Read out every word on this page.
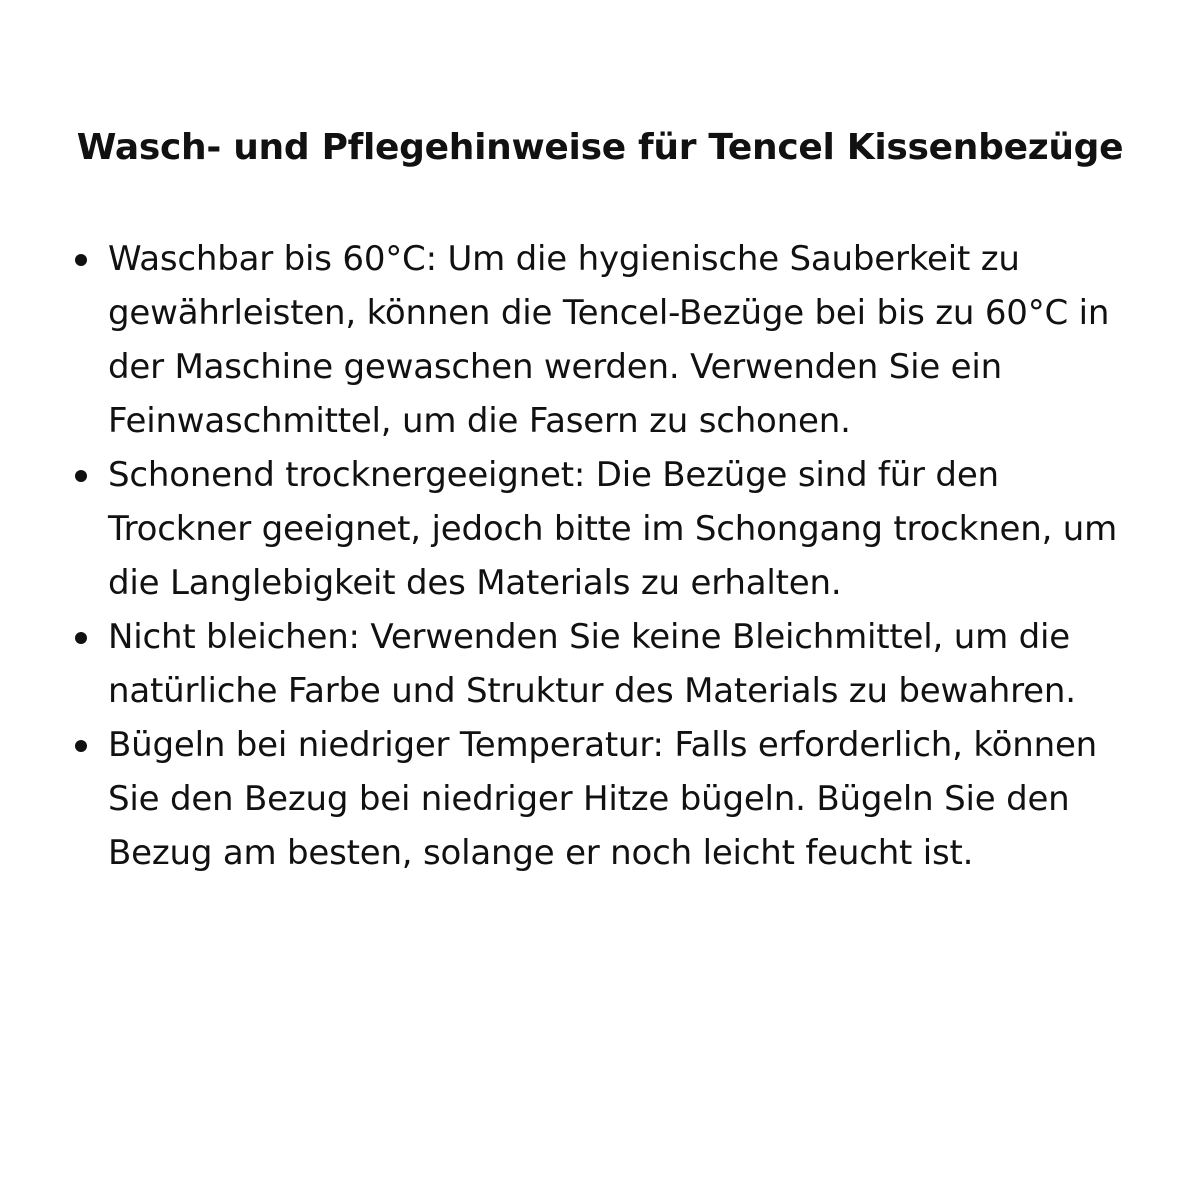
Wasch- und Pflegehinweise für Tencel Kissenbezüge
Waschbar bis 60°C: Um die hygienische Sauberkeit zu gewährleisten, können die Tencel-Bezüge bei bis zu 60°C in der Maschine gewaschen werden. Verwenden Sie ein Feinwaschmittel, um die Fasern zu schonen.
Schonend trocknergeeignet: Die Bezüge sind für den Trockner geeignet, jedoch bitte im Schongang trocknen, um die Langlebigkeit des Materials zu erhalten.
Nicht bleichen: Verwenden Sie keine Bleichmittel, um die natürliche Farbe und Struktur des Materials zu bewahren.
Bügeln bei niedriger Temperatur: Falls erforderlich, können Sie den Bezug bei niedriger Hitze bügeln. Bügeln Sie den Bezug am besten, solange er noch leicht feucht ist.
